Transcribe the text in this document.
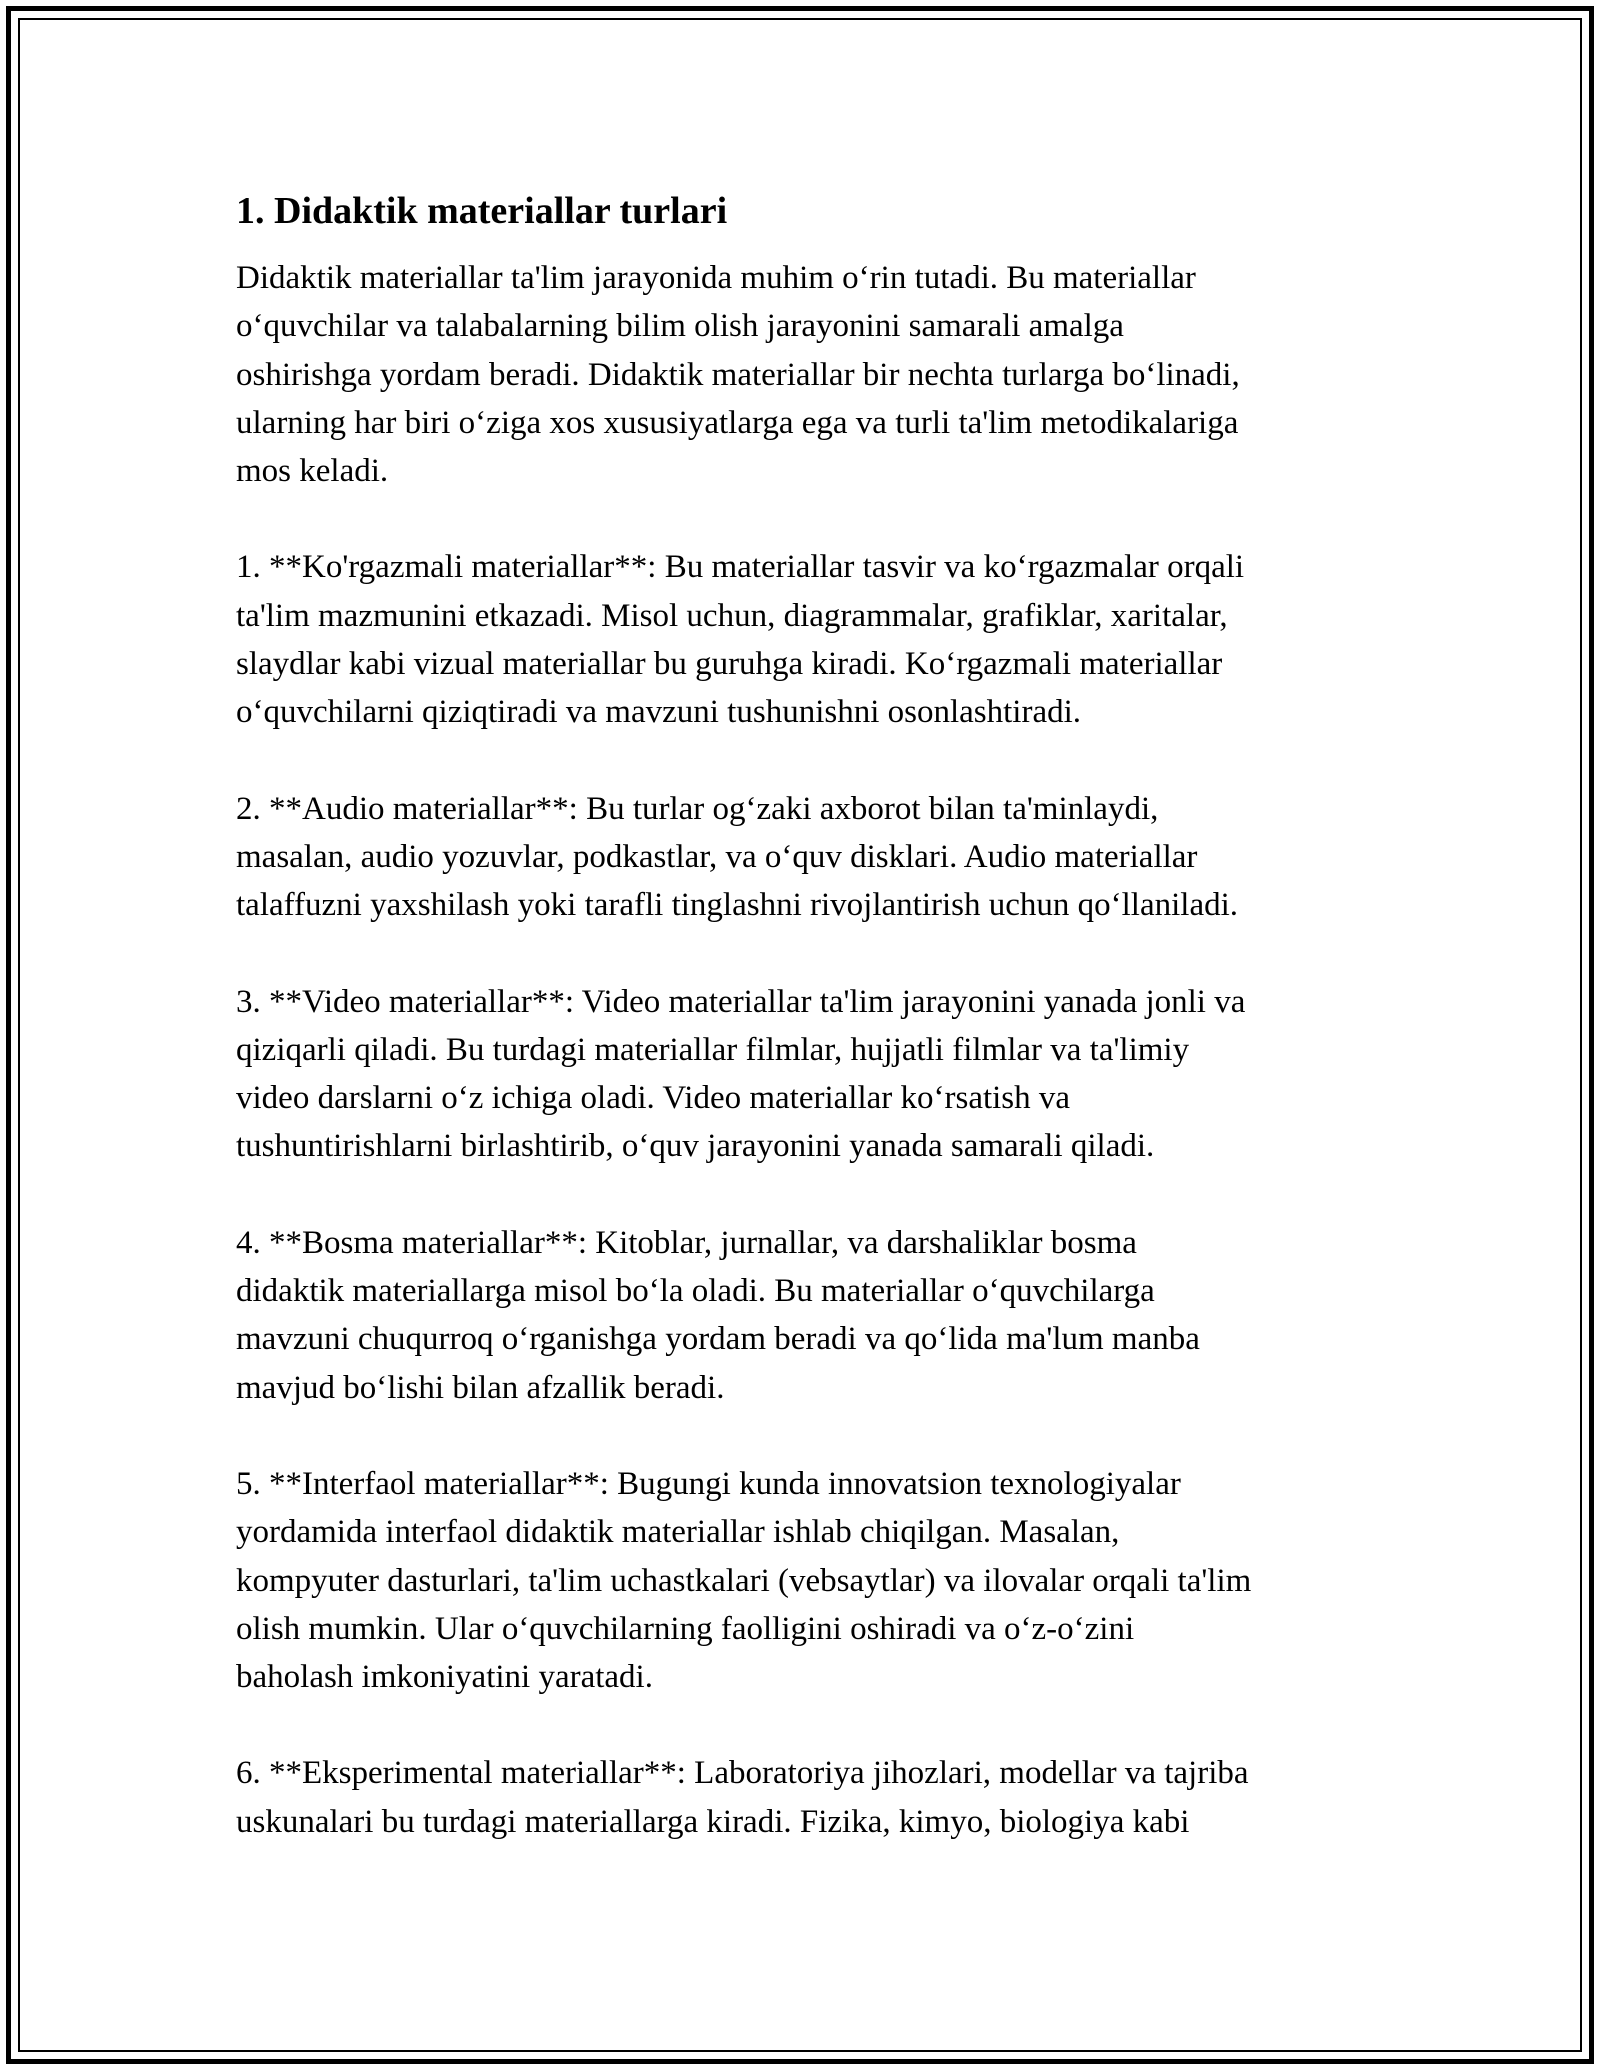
1. Didaktik materiallar turlari

Didaktik materiallar ta'lim jarayonida muhim o‘rin tutadi. Bu materiallar
o‘quvchilar va talabalarning bilim olish jarayonini samarali amalga
oshirishga yordam beradi. Didaktik materiallar bir nechta turlarga bo‘linadi,
ularning har biri o‘ziga xos xususiyatlarga ega va turli ta'lim metodikalariga
mos keladi.

1. **Ko'rgazmali materiallar**: Bu materiallar tasvir va ko‘rgazmalar orqali
ta'lim mazmunini etkazadi. Misol uchun, diagrammalar, grafiklar, xaritalar,
slaydlar kabi vizual materiallar bu guruhga kiradi. Ko‘rgazmali materiallar
o‘quvchilarni qiziqtiradi va mavzuni tushunishni osonlashtiradi.

2. **Audio materiallar**: Bu turlar og‘zaki axborot bilan ta'minlaydi,
masalan, audio yozuvlar, podkastlar, va o‘quv disklari. Audio materiallar
talaffuzni yaxshilash yoki tarafli tinglashni rivojlantirish uchun qo‘llaniladi.

3. **Video materiallar**: Video materiallar ta'lim jarayonini yanada jonli va
qiziqarli qiladi. Bu turdagi materiallar filmlar, hujjatli filmlar va ta'limiy
video darslarni o‘z ichiga oladi. Video materiallar ko‘rsatish va
tushuntirishlarni birlashtirib, o‘quv jarayonini yanada samarali qiladi.

4. **Bosma materiallar**: Kitoblar, jurnallar, va darshaliklar bosma
didaktik materiallarga misol bo‘la oladi. Bu materiallar o‘quvchilarga
mavzuni chuqurroq o‘rganishga yordam beradi va qo‘lida ma'lum manba
mavjud bo‘lishi bilan afzallik beradi.

5. **Interfaol materiallar**: Bugungi kunda innovatsion texnologiyalar
yordamida interfaol didaktik materiallar ishlab chiqilgan. Masalan,
kompyuter dasturlari, ta'lim uchastkalari (vebsaytlar) va ilovalar orqali ta'lim
olish mumkin. Ular o‘quvchilarning faolligini oshiradi va o‘z-o‘zini
baholash imkoniyatini yaratadi.

6. **Eksperimental materiallar**: Laboratoriya jihozlari, modellar va tajriba
uskunalari bu turdagi materiallarga kiradi. Fizika, kimyo, biologiya kabi
